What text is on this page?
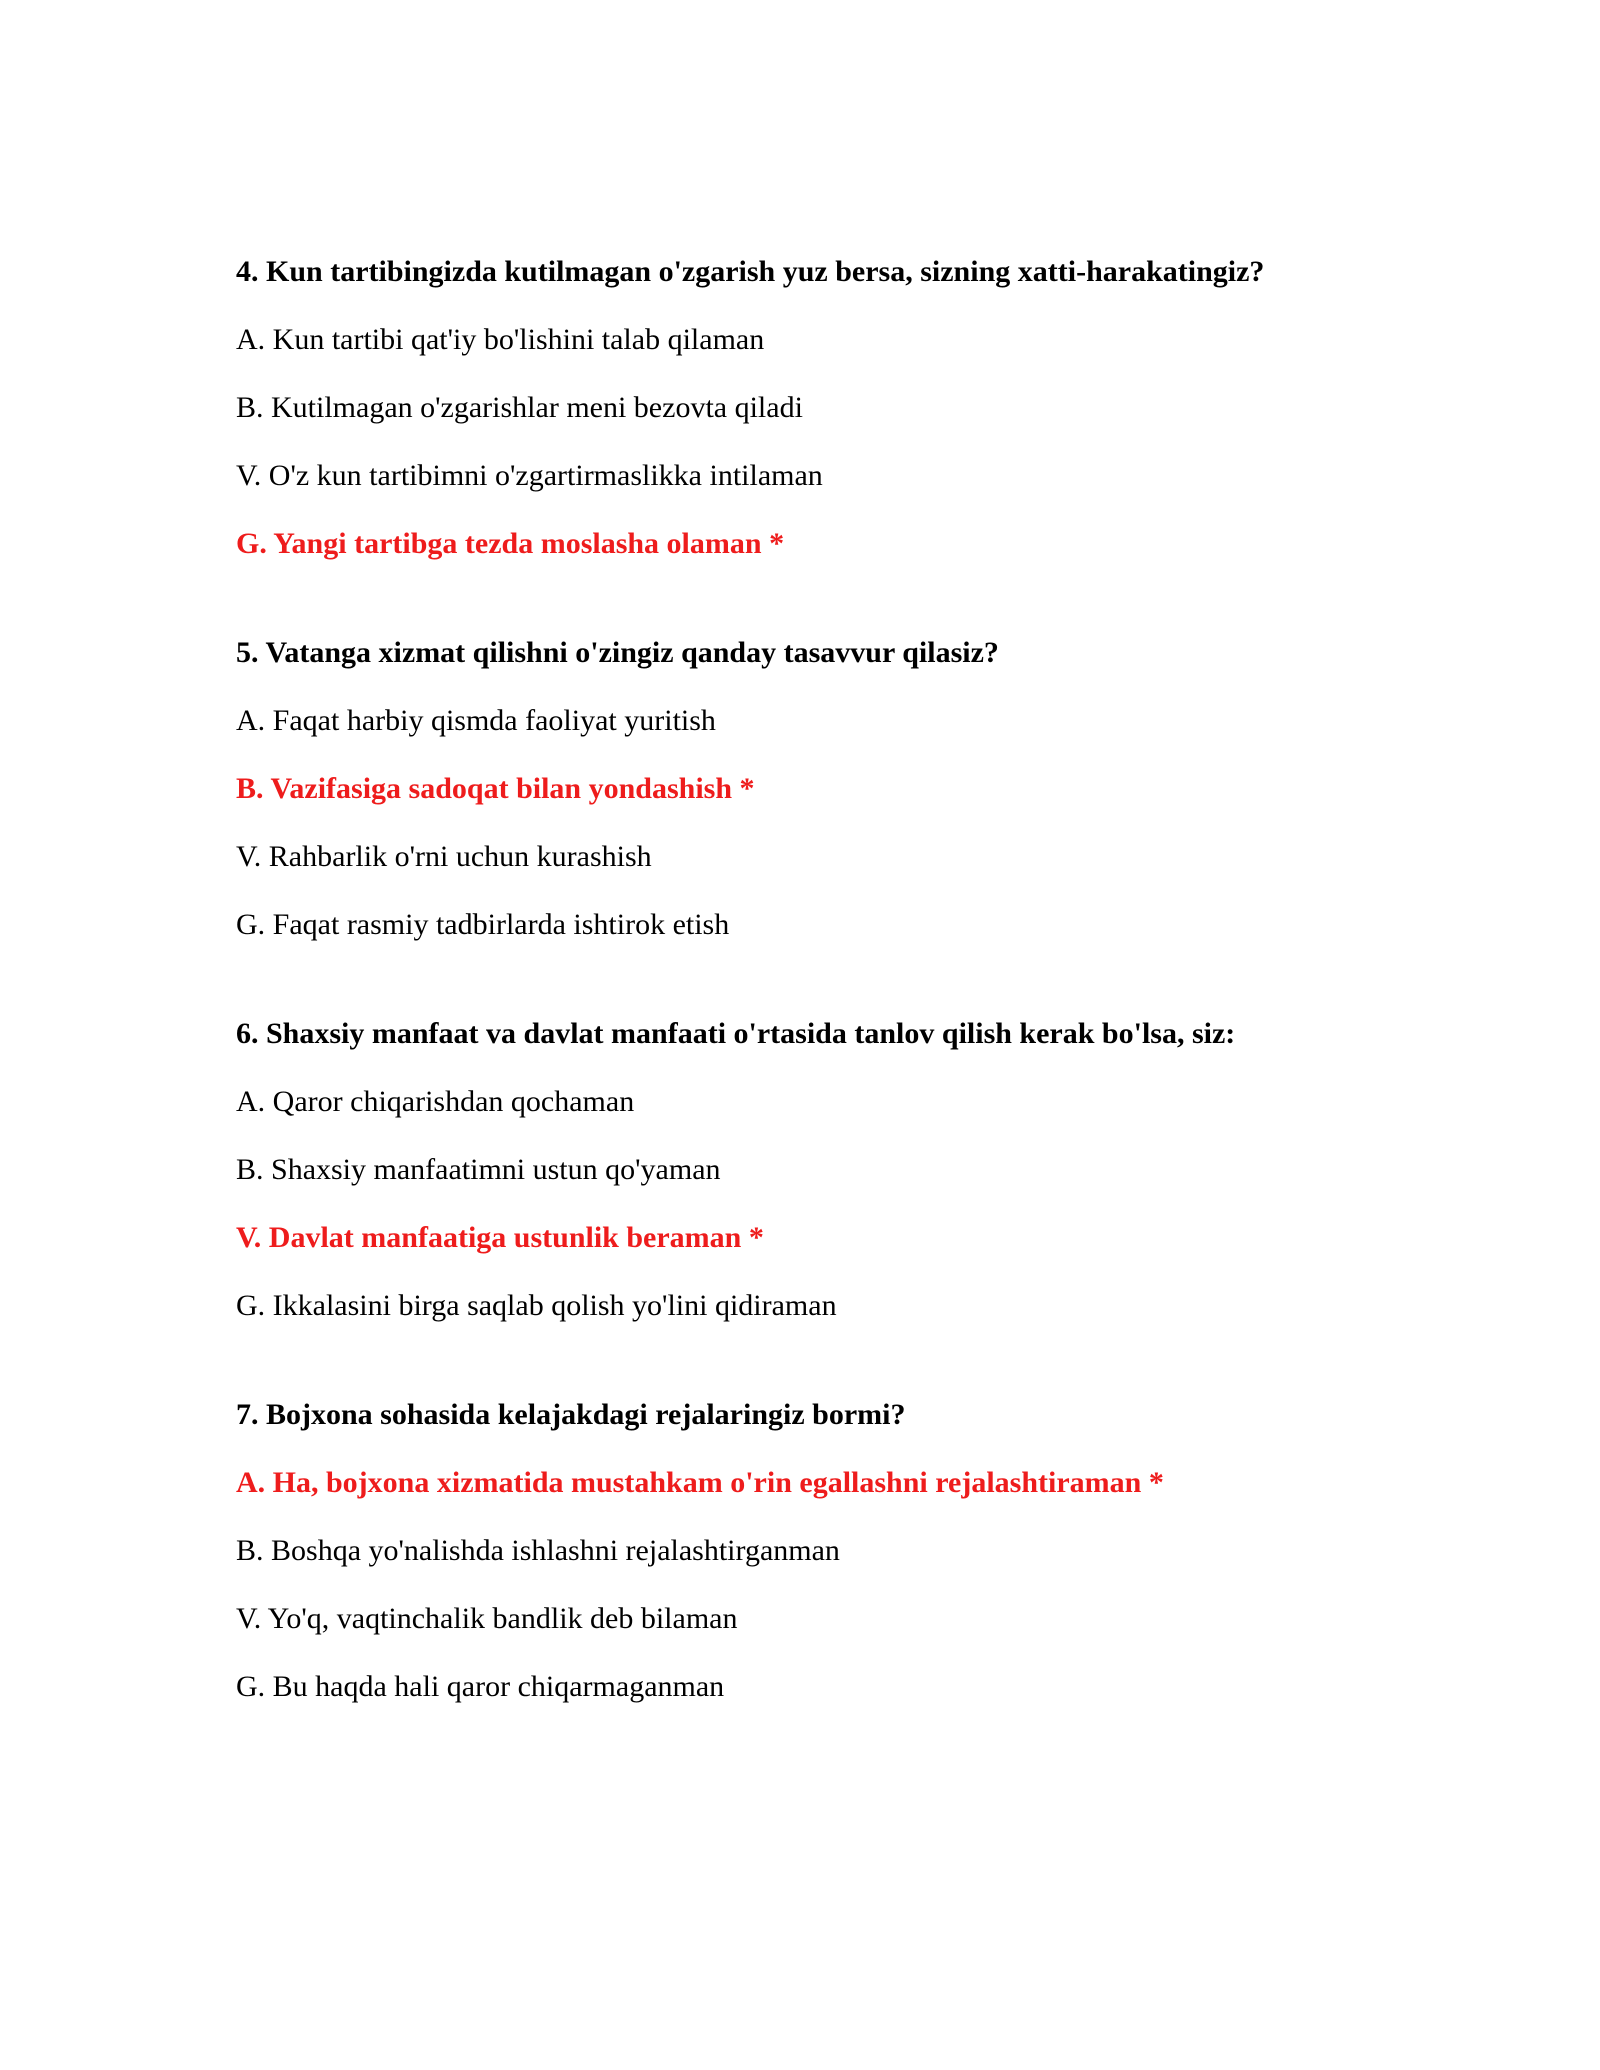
4. Kun tartibingizda kutilmagan o'zgarish yuz bersa, sizning xatti-harakatingiz?
A. Kun tartibi qat'iy bo'lishini talab qilaman
B. Kutilmagan o'zgarishlar meni bezovta qiladi
V. O'z kun tartibimni o'zgartirmaslikka intilaman
G. Yangi tartibga tezda moslasha olaman *
5. Vatanga xizmat qilishni o'zingiz qanday tasavvur qilasiz?
A. Faqat harbiy qismda faoliyat yuritish
B. Vazifasiga sadoqat bilan yondashish *
V. Rahbarlik o'rni uchun kurashish
G. Faqat rasmiy tadbirlarda ishtirok etish
6. Shaxsiy manfaat va davlat manfaati o'rtasida tanlov qilish kerak bo'lsa, siz:
A. Qaror chiqarishdan qochaman
B. Shaxsiy manfaatimni ustun qo'yaman
V. Davlat manfaatiga ustunlik beraman *
G. Ikkalasini birga saqlab qolish yo'lini qidiraman
7. Bojxona sohasida kelajakdagi rejalaringiz bormi?
A. Ha, bojxona xizmatida mustahkam o'rin egallashni rejalashtiraman *
B. Boshqa yo'nalishda ishlashni rejalashtirganman
V. Yo'q, vaqtinchalik bandlik deb bilaman
G. Bu haqda hali qaror chiqarmaganman
